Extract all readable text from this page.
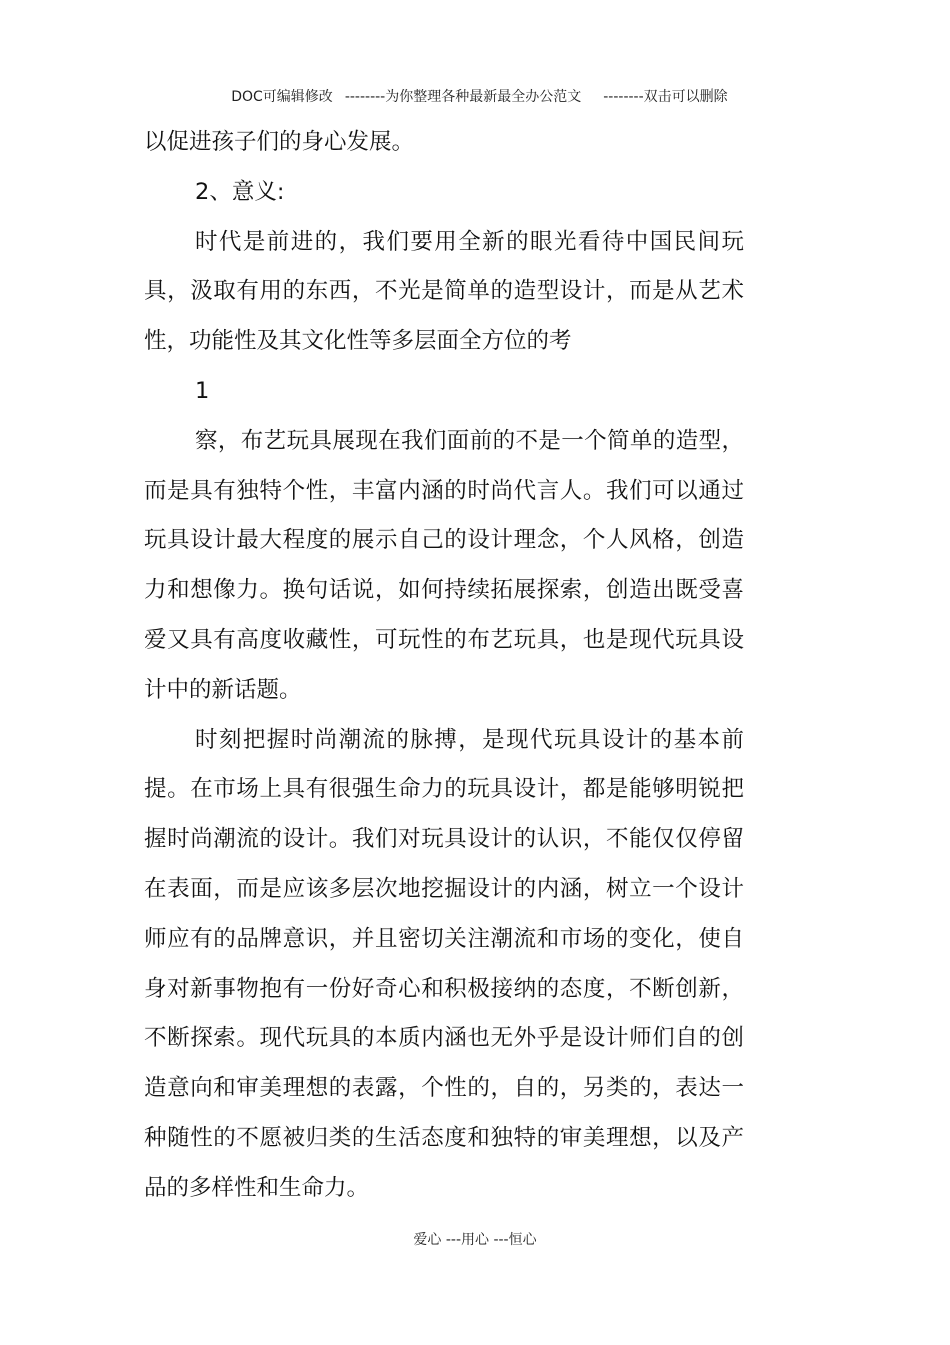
DOC可编辑修改 --------为你整理各种最新最全办公范文 --------双击可以删除

以促进孩子们的身心发展。

2、意义:

时代是前进的，我们要用全新的眼光看待中国民间玩具，汲取有用的东西，不光是简单的造型设计，而是从艺术性，功能性及其文化性等多层面全方位的考

1

察，布艺玩具展现在我们面前的不是一个简单的造型，而是具有独特个性，丰富内涵的时尚代言人。我们可以通过玩具设计最大程度的展示自己的设计理念，个人风格，创造力和想像力。换句话说，如何持续拓展探索，创造出既受喜爱又具有高度收藏性，可玩性的布艺玩具，也是现代玩具设计中的新话题。

时刻把握时尚潮流的脉搏，是现代玩具设计的基本前提。在市场上具有很强生命力的玩具设计，都是能够明锐把握时尚潮流的设计。我们对玩具设计的认识，不能仅仅停留在表面，而是应该多层次地挖掘设计的内涵，树立一个设计师应有的品牌意识，并且密切关注潮流和市场的变化，使自身对新事物抱有一份好奇心和积极接纳的态度，不断创新，不断探索。现代玩具的本质内涵也无外乎是设计师们自的创造意向和审美理想的表露，个性的，自的，另类的，表达一种随性的不愿被归类的生活态度和独特的审美理想，以及产品的多样性和生命力。

爱心 ---用心 ---恒心
